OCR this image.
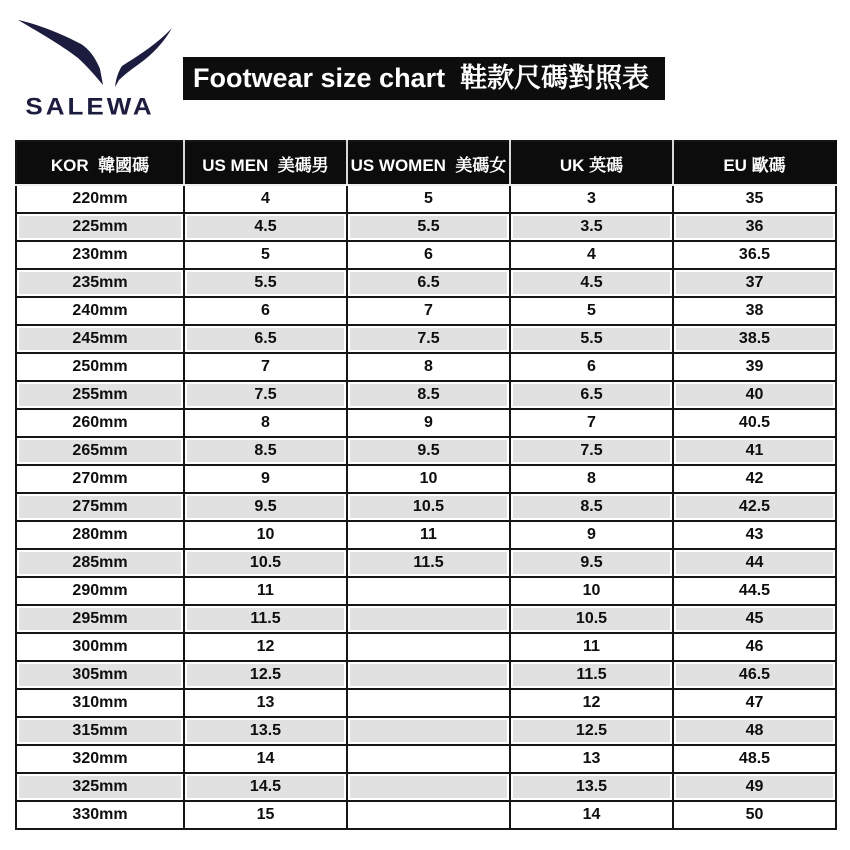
SALEWA
Footwear size chart  鞋款尺碼對照表
KOR  韓國碼	US MEN  美碼男	US WOMEN  美碼女	UK 英碼	EU 歐碼
220mm	4	5	3	35
225mm	4.5	5.5	3.5	36
230mm	5	6	4	36.5
235mm	5.5	6.5	4.5	37
240mm	6	7	5	38
245mm	6.5	7.5	5.5	38.5
250mm	7	8	6	39
255mm	7.5	8.5	6.5	40
260mm	8	9	7	40.5
265mm	8.5	9.5	7.5	41
270mm	9	10	8	42
275mm	9.5	10.5	8.5	42.5
280mm	10	11	9	43
285mm	10.5	11.5	9.5	44
290mm	11		10	44.5
295mm	11.5		10.5	45
300mm	12		11	46
305mm	12.5		11.5	46.5
310mm	13		12	47
315mm	13.5		12.5	48
320mm	14		13	48.5
325mm	14.5		13.5	49
330mm	15		14	50
